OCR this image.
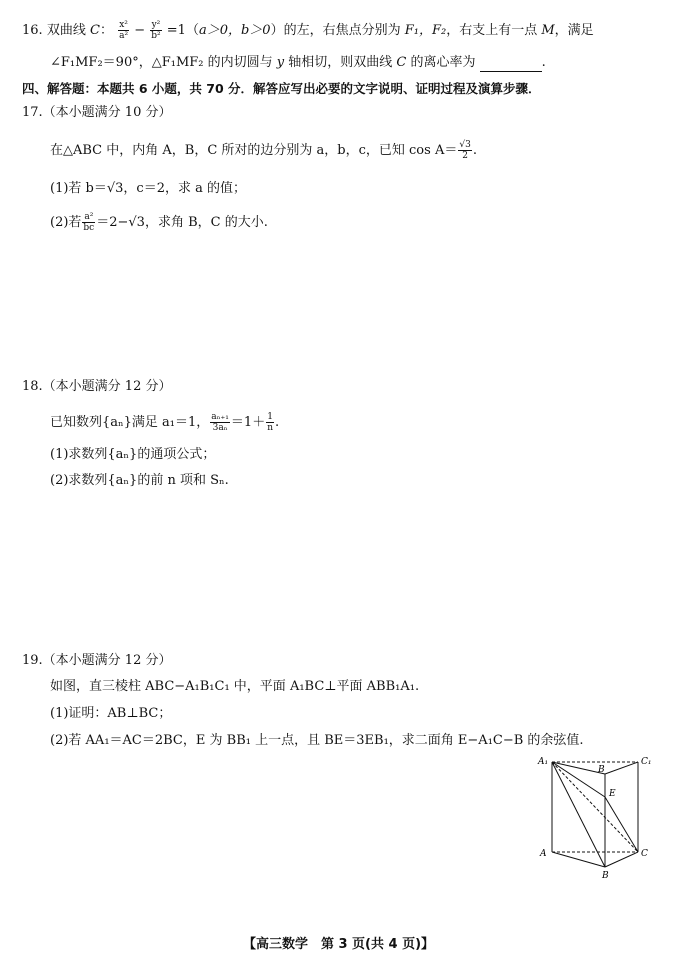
16. 双曲线 C： $\frac{\text{x²}}{\text{a²}} - \frac{\text{y²}}{\text{b²}} =1(a>0$，b＞0）的左，右焦点分别为 F₁，F₂，右支上有一点 M，满足
∠F₁MF₂＝90°，△F₁MF₂ 的内切圆与 y 轴相切，则双曲线 C 的离心率为	.
四、解答题：本题共 6 小题，共 70 分．解答应写出必要的文字说明、证明过程及演算步骤．
17.（本小题满分 10 分）
在△ABC 中，内角 A，B，C 所对的边分别为 a，b，c，已知 $\cos A= \frac{√3}{2}$ .
(1)若 b＝√3，c＝2，求 a 的值；
(2)若 $\frac{\text{a²}}{bc} =2-√3$，求角 B，C 的大小.
18.（本小题满分 12 分）
已知数列{aₙ}满足 a₁＝1， $\frac{\text{aₙ₊₁}}{\text{3aₙ}} =1+ \frac{1}{n}$ .
(1)求数列{aₙ}的通项公式；
(2)求数列{aₙ}的前 n 项和 Sₙ.
19.（本小题满分 12 分）
如图，直三棱柱 ABC−A₁B₁C₁ 中，平面 A₁BC⊥平面 ABB₁A₁.
(1)证明：AB⊥BC；
(2)若 AA₁＝AC＝2BC，E 为 BB₁ 上一点，且 BE＝3EB₁，求二面角 E−A₁C−B 的余弦值.
A₁
B
C₁
E
A
B
C
【高三数学　第 3 页(共 4 页)】
